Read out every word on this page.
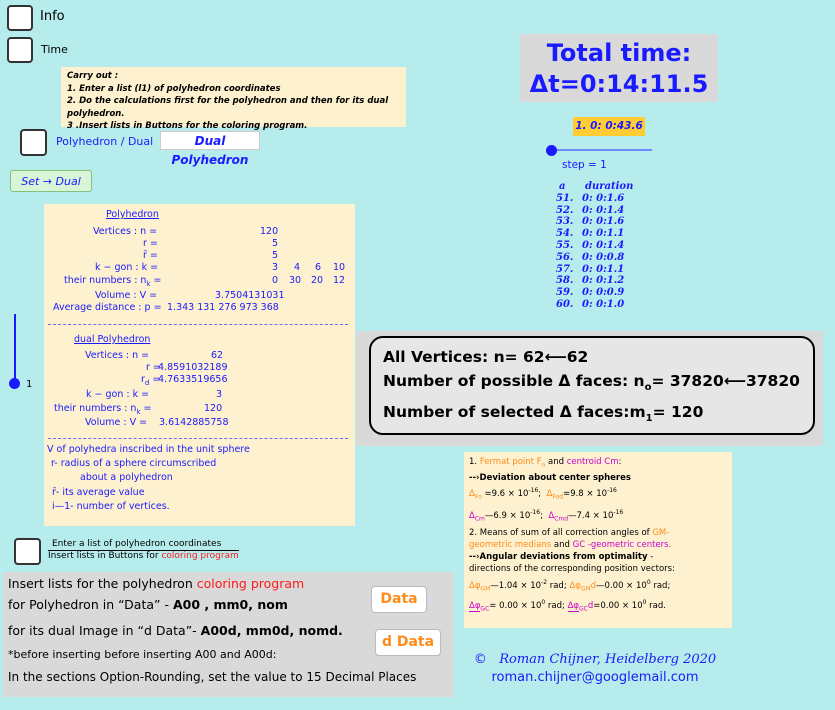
Info
Time
Carry out :
1. Enter a list (l1) of polyhedron coordinates
2. Do the calculations first for the polyhedron and then for its dual polyhedron.
3 .Insert lists in Buttons for the coloring program.
Polyhedron / Dual	Dual Polyhedron
Set → Dual
1
Polyhedron
Vertices : n =	120
r =	5
r̄ =	5
k − gon : k =	3 4 6 10
their numbers : $n_k$ =	0 30 20 12
Volume : V =	3.7504131031
Average distance : p = 1.343 131 276 973 368
dual Polyhedron
Vertices : n =	62
r =
4.8591032189
$r_d$ =
4.7633519656
k − gon : k =	3
their numbers : $n_k$ =	120
Volume : V = 3.6142885758
V of polyhedra inscribed in the unit sphere
r- radius of a sphere circumscribed
about a polyhedron
r̄- its average value
i—1- number of vertices.
Total time:
Δt=0:14:11.5
1. 0: 0:43.6
step = 1
a duration
51. 0: 0:1.6
52. 0: 0:1.4
53. 0: 0:1.6
54. 0: 0:1.1
55. 0: 0:1.4
56. 0: 0:0.8
57. 0: 0:1.1
58. 0: 0:1.2
59. 0: 0:0.9
60. 0: 0:1.0
All Vertices: n= 62⟵62
Number of possible Δ faces: $n_o=$ 37820⟵37820
Number of selected Δ $faces:m_1= 120$
1. Fermat point $F_o$ and centroid Cm:
--›Deviation about center spheres
$\Delta_{Fo} =9.6 \times 10^{-16}$;  $\Delta_{Fod}=9.8 \times 10^{-16}$
$\Delta_{Cm}—6.9 \times 10^{-16}$;  $\Delta_{Cmd}—7.4 \times 10^{-16}$
2. Means of sum of all correction angles of GM-
geometric medians and GC -geometric centers.
--›Angular deviations from optimality -
directions of the corresponding position vectors:
$\Delta\varphi_{GM}—1.04 \times 10^{-2}$ rad; $\Delta\varphi_{GM}d—0.00 \times 10^0$ rad;
$\Delta\varphi_{GC}= 0.00 \times 10^0$ rad; $\Delta\varphi_{GC}d=0.00 \times 10^0$ rad.
Enter a list of polyhedron coordinates
Insert lists in Buttons for coloring program
Insert lists for the polyhedron coloring program
for Polyhedron in “Data” - A00 , mm0, nom
for its dual Image in “d Data”- A00d, mm0d, nomd.
*before inserting before inserting A00 and A00d:
In the sections Option-Rounding, set the value to 15 Decimal Places
Data
d Data
© Roman Chijner, Heidelberg 2020
roman.chijner@googlemail.com
